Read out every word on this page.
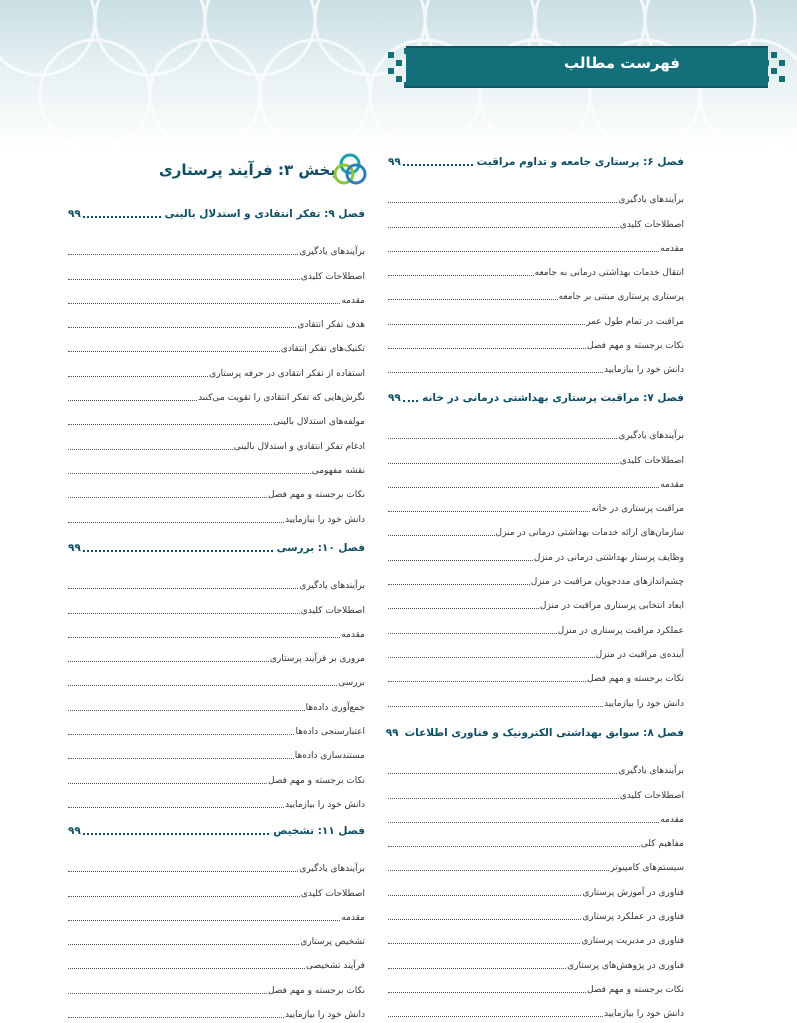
فهرست مطالب
بخش ۳: فرآیند پرستاری	فصل ۶: پرستاری جامعه و تداوم مراقبت
۹۹
برآیندهای یادگیری
اصطلاحات کلیدی
مقدمه
انتقال خدمات بهداشتی درمانی به جامعه
پرستاری پرستاری مبتنی بر جامعه
مراقبت در تمام طول عمر
نکات برجسته و مهم فصل
دانش خود را بیازمایید
فصل ۷: مراقبت پرستاری بهداشتی درمانی در خانه
۹۹
برآیندهای یادگیری
اصطلاحات کلیدی
مقدمه
مراقبت پرستاری در خانه
سازمان‌های ارائه خدمات بهداشتی درمانی در منزل
وظایف پرستار بهداشتی درمانی در منزل
چشم‌اندازهای مددجویان مراقبت در منزل
ابعاد انتخابی پرستاری مراقبت در منزل
عملکرد مراقبت پرستاری در منزل
آینده‌ی مراقبت در منزل
نکات برجسته و مهم فصل
دانش خود را بیازمایید
فصل ۸: سوابق بهداشتی الکترونیک و فناوری اطلاعات
۹۹
برآیندهای یادگیری
اصطلاحات کلیدی
مقدمه
مفاهیم کلی
سیستم‌های کامپیوتر
فناوری در آموزش پرستاری
فناوری در عملکرد پرستاری
فناوری در مدیریت پرستاری
فناوری در پژوهش‌های پرستاری
نکات برجسته و مهم فصل
دانش خود را بیازمایید
فصل ۹: تفکر انتقادی و استدلال بالینی
۹۹
برآیندهای یادگیری
اصطلاحات کلیدی
مقدمه
هدف تفکر انتقادی
تکنیک‌های تفکر انتقادی
استفاده از تفکر انتقادی در حرفه پرستاری
نگرش‌هایی که تفکر انتقادی را تقویت می‌کنند
مولفه‌های استدلال بالینی
ادغام تفکر انتقادی و استدلال بالینی
نقشه مفهومی
نکات برجسته و مهم فصل
دانش خود را بیازمایید
فصل ۱۰: بررسی
۹۹
برآیندهای یادگیری
اصطلاحات کلیدی
مقدمه
مروری بر فرآیند پرستاری
بررسی
جمع‌آوری داده‌ها
اعتبارسنجی داده‌ها
مستندسازی داده‌ها
نکات برجسته و مهم فصل
دانش خود را بیازمایید
فصل ۱۱: تشخیص
۹۹
برآیندهای یادگیری
اصطلاحات کلیدی
مقدمه
تشخیص پرستاری
فرآیند تشخیصی
نکات برجسته و مهم فصل
دانش خود را بیازمایید
